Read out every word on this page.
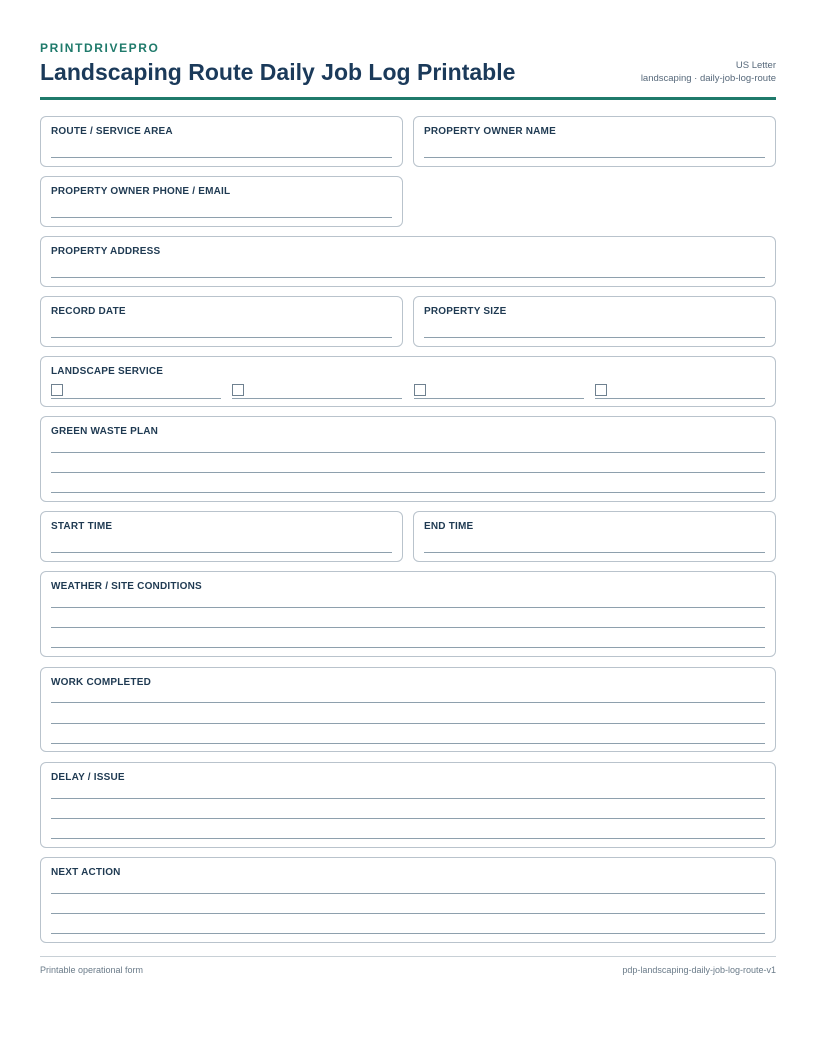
PRINTDRIVEPRO
Landscaping Route Daily Job Log Printable	US Letter
landscaping · daily-job-log-route
ROUTE / SERVICE AREA	PROPERTY OWNER NAME
PROPERTY OWNER PHONE / EMAIL
PROPERTY ADDRESS
RECORD DATE	PROPERTY SIZE
LANDSCAPE SERVICE
GREEN WASTE PLAN
START TIME	END TIME
WEATHER / SITE CONDITIONS
WORK COMPLETED
DELAY / ISSUE
NEXT ACTION
Printable operational form	pdp-landscaping-daily-job-log-route-v1
